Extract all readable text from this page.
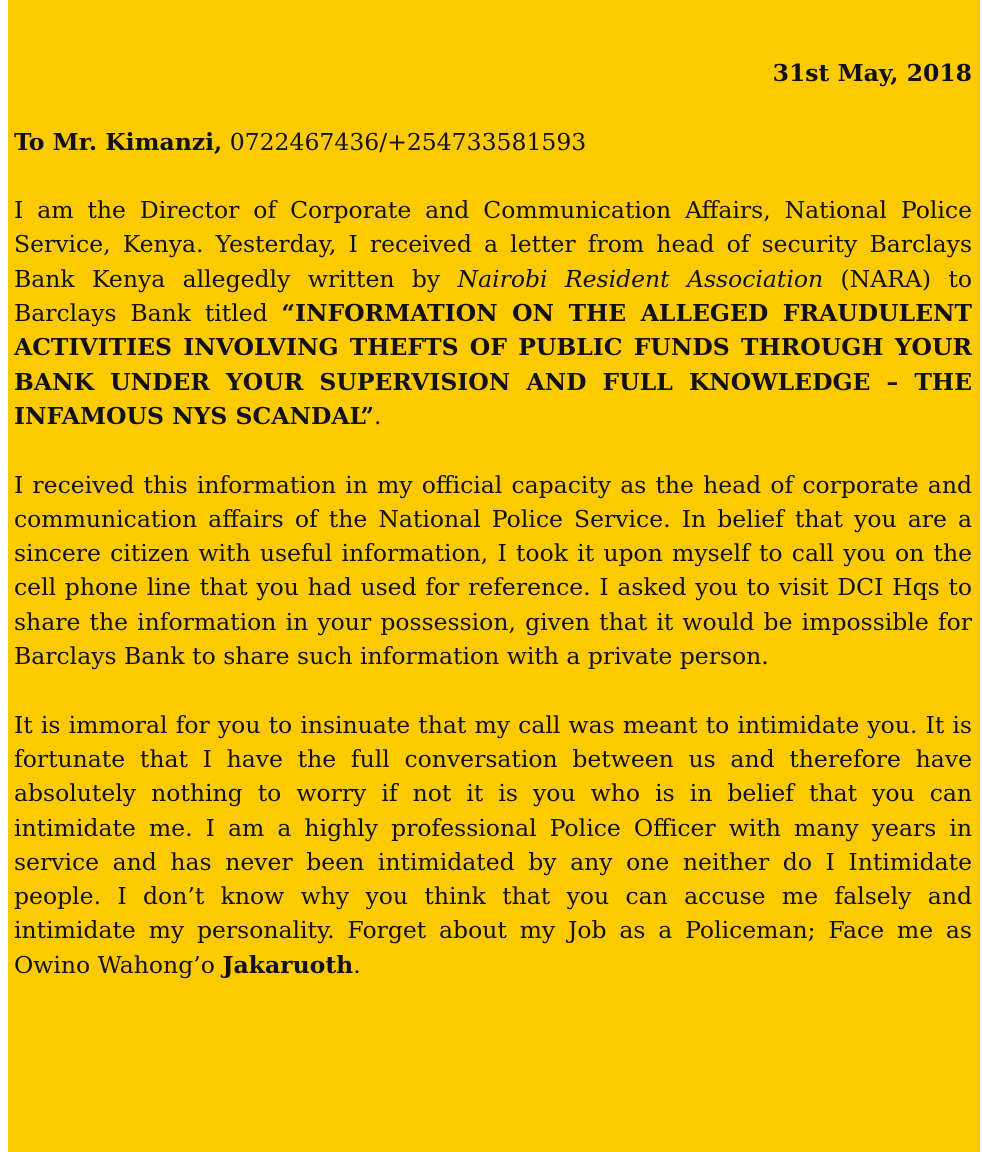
31st May, 2018

To Mr. Kimanzi, 0722467436/+254733581593

I am the Director of Corporate and Communication Affairs, National Police Service, Kenya. Yesterday, I received a letter from head of security Barclays Bank Kenya allegedly written by Nairobi Resident Association (NARA) to Barclays Bank titled “INFORMATION ON THE ALLEGED FRAUDULENT ACTIVITIES INVOLVING THEFTS OF PUBLIC FUNDS THROUGH YOUR BANK UNDER YOUR SUPERVISION AND FULL KNOWLEDGE – THE INFAMOUS NYS SCANDAL”.

I received this information in my official capacity as the head of corporate and communication affairs of the National Police Service. In belief that you are a sincere citizen with useful information, I took it upon myself to call you on the cell phone line that you had used for reference. I asked you to visit DCI Hqs to share the information in your possession, given that it would be impossible for Barclays Bank to share such information with a private person.

It is immoral for you to insinuate that my call was meant to intimidate you. It is fortunate that I have the full conversation between us and therefore have absolutely nothing to worry if not it is you who is in belief that you can intimidate me. I am a highly professional Police Officer with many years in service and has never been intimidated by any one neither do I Intimidate people. I don’t know why you think that you can accuse me falsely and intimidate my personality. Forget about my Job as a Policeman; Face me as Owino Wahong’o Jakaruoth.
